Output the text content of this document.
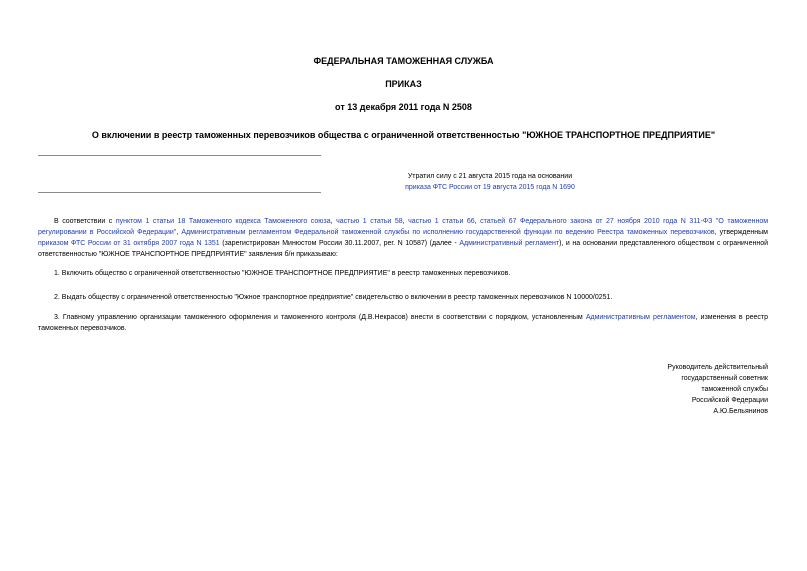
ФЕДЕРАЛЬНАЯ ТАМОЖЕННАЯ СЛУЖБА
ПРИКАЗ
от 13 декабря 2011 года N 2508
О включении в реестр таможенных перевозчиков общества с ограниченной ответственностью "ЮЖНОЕ ТРАНСПОРТНОЕ ПРЕДПРИЯТИЕ"
Утратил силу с 21 августа 2015 года на основании
приказа ФТС России от 19 августа 2015 года N 1690
В соответствии с пунктом 1 статьи 18 Таможенного кодекса Таможенного союза, частью 1 статьи 58, частью 1 статьи 66, статьей 67 Федерального закона от 27 ноября 2010 года N 311-ФЗ "О таможенном регулировании в Российской Федерации", Административным регламентом Федеральной таможенной службы по исполнению государственной функции по ведению Реестра таможенных перевозчиков, утвержденным приказом ФТС России от 31 октября 2007 года N 1351 (зарегистрирован Минюстом России 30.11.2007, рег. N 10587) (далее - Административный регламент), и на основании представленного обществом с ограниченной ответственностью "ЮЖНОЕ ТРАНСПОРТНОЕ ПРЕДПРИЯТИЕ" заявления б/н приказываю:
1. Включить общество с ограниченной ответственностью "ЮЖНОЕ ТРАНСПОРТНОЕ ПРЕДПРИЯТИЕ" в реестр таможенных перевозчиков.
2. Выдать обществу с ограниченной ответственностью "Южное транспортное предприятие" свидетельство о включении в реестр таможенных перевозчиков N 10000/0251.
3. Главному управлению организации таможенного оформления и таможенного контроля (Д.В.Некрасов) внести в соответствии с порядком, установленным Административным регламентом, изменения в реестр таможенных перевозчиков.
Руководитель действительный
государственный советник
таможенной службы
Российской Федерации
А.Ю.Бельянинов
